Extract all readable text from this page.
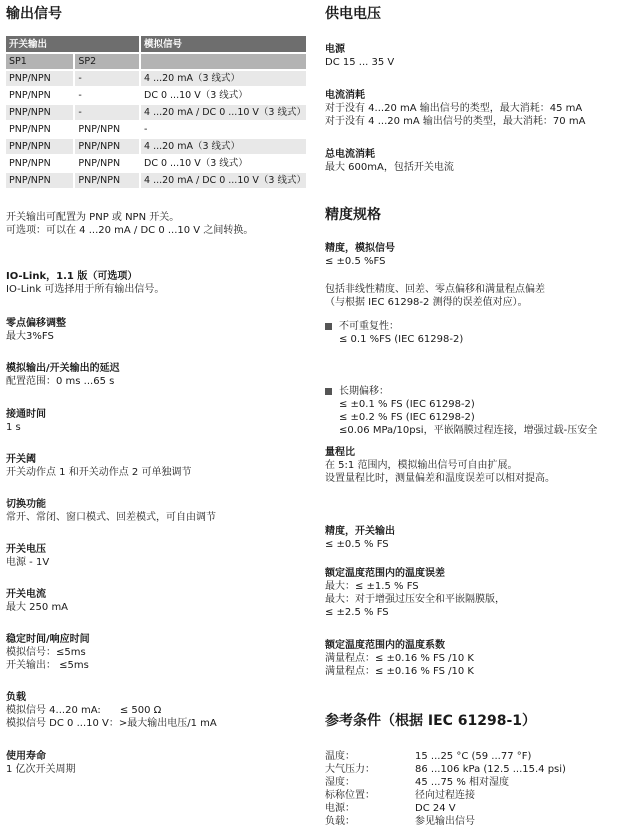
输出信号
开关输出		模拟信号
SP1	SP2	
PNP/NPN	-	4 ...20 mA（3 线式）
PNP/NPN	-	DC 0 ...10 V（3 线式）
PNP/NPN	-	4 ...20 mA / DC 0 ...10 V（3 线式）
PNP/NPN	PNP/NPN	-
PNP/NPN	PNP/NPN	4 ...20 mA（3 线式）
PNP/NPN	PNP/NPN	DC 0 ...10 V（3 线式）
PNP/NPN	PNP/NPN	4 ...20 mA / DC 0 ...10 V（3 线式）
开关输出可配置为 PNP 或 NPN 开关。
可选项：可以在 4 ...20 mA / DC 0 ...10 V 之间转换。
IO-Link，1.1 版（可选项）
IO-Link 可选择用于所有输出信号。
零点偏移调整
最大3%FS
模拟输出/开关输出的延迟
配置范围：0 ms ...65 s
接通时间
1 s
开关阈
开关动作点 1 和开关动作点 2 可单独调节
切换功能
常开、常闭、窗口模式、回差模式，可自由调节
开关电压
电源 - 1V
开关电流
最大 250 mA
稳定时间/响应时间
模拟信号：≤5ms
开关输出： ≤5ms
负载
模拟信号 4...20 mA:      ≤ 500 Ω
模拟信号 DC 0 ...10 V：>最大输出电压/1 mA
使用寿命
1 亿次开关周期
供电电压
电源
DC 15 ... 35 V
电流消耗
对于没有 4...20 mA 输出信号的类型，最大消耗：45 mA
对于没有 4 ...20 mA 输出信号的类型，最大消耗：70 mA
总电流消耗
最大 600mA，包括开关电流
精度规格
精度，模拟信号
≤ ±0.5 %FS
包括非线性精度、回差、零点偏移和满量程点偏差
（与根据 IEC 61298-2 测得的误差值对应）。
不可重复性：
≤ 0.1 %FS (IEC 61298-2)
长期偏移：
≤ ±0.1 % FS (IEC 61298-2)
≤ ±0.2 % FS (IEC 61298-2)
≤0.06 MPa/10psi，平嵌隔膜过程连接，增强过载-压安全
量程比
在 5:1 范围内，模拟输出信号可自由扩展。
设置量程比时，测量偏差和温度误差可以相对提高。
精度，开关输出
≤ ±0.5 % FS
额定温度范围内的温度误差
最大：≤ ±1.5 % FS
最大：对于增强过压安全和平嵌隔膜版，
≤ ±2.5 % FS
额定温度范围内的温度系数
满量程点：≤ ±0.16 % FS /10 K
满量程点：≤ ±0.16 % FS /10 K
参考条件（根据 IEC 61298-1）
温度：	15 ...25 °C (59 ...77 °F)
大气压力：	86 ...106 kPa (12.5 ...15.4 psi)
湿度：	45 ...75 % 相对湿度
标称位置：	径向过程连接
电源：	DC 24 V
负载：	参见输出信号
